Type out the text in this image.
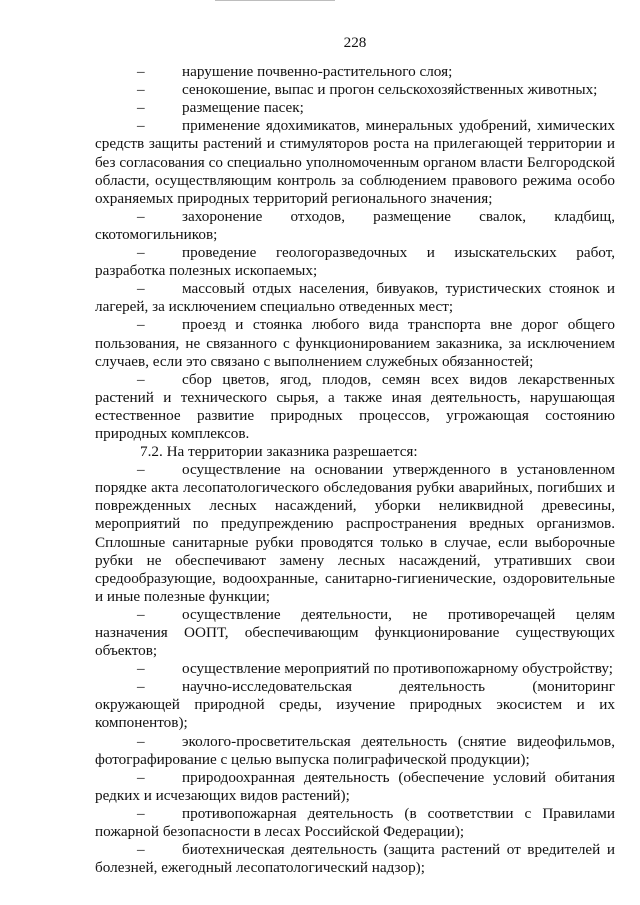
228

– нарушение почвенно-растительного слоя;

– сенокошение, выпас и прогон сельскохозяйственных животных;

– размещение пасек;

– применение ядохимикатов, минеральных удобрений, химических средств защиты растений и стимуляторов роста на прилегающей территории и без согласования со специально уполномоченным органом власти Белгородской области, осуществляющим контроль за соблюдением правового режима особо охраняемых природных территорий регионального значения;

– захоронение отходов, размещение свалок, кладбищ, скотомогильников;

– проведение геологоразведочных и изыскательских работ, разработка полезных ископаемых;

– массовый отдых населения, бивуаков, туристических стоянок и лагерей, за исключением специально отведенных мест;

– проезд и стоянка любого вида транспорта вне дорог общего пользования, не связанного с функционированием заказника, за исключением случаев, если это связано с выполнением служебных обязанностей;

– сбор цветов, ягод, плодов, семян всех видов лекарственных растений и технического сырья, а также иная деятельность, нарушающая естественное развитие природных процессов, угрожающая состоянию природных комплексов.

7.2. На территории заказника разрешается:

– осуществление на основании утвержденного в установленном порядке акта лесопатологического обследования рубки аварийных, погибших и поврежденных лесных насаждений, уборки неликвидной древесины, мероприятий по предупреждению распространения вредных организмов. Сплошные санитарные рубки проводятся только в случае, если выборочные рубки не обеспечивают замену лесных насаждений, утративших свои средообразующие, водоохранные, санитарно-гигиенические, оздоровительные и иные полезные функции;

– осуществление деятельности, не противоречащей целям назначения ООПТ, обеспечивающим функционирование существующих объектов;

– осуществление мероприятий по противопожарному обустройству;

– научно-исследовательская деятельность (мониторинг окружающей природной среды, изучение природных экосистем и их компонентов);

– эколого-просветительская деятельность (снятие видеофильмов, фотографирование с целью выпуска полиграфической продукции);

– природоохранная деятельность (обеспечение условий обитания редких и исчезающих видов растений);

– противопожарная деятельность (в соответствии с Правилами пожарной безопасности в лесах Российской Федерации);

– биотехническая деятельность (защита растений от вредителей и болезней, ежегодный лесопатологический надзор);
